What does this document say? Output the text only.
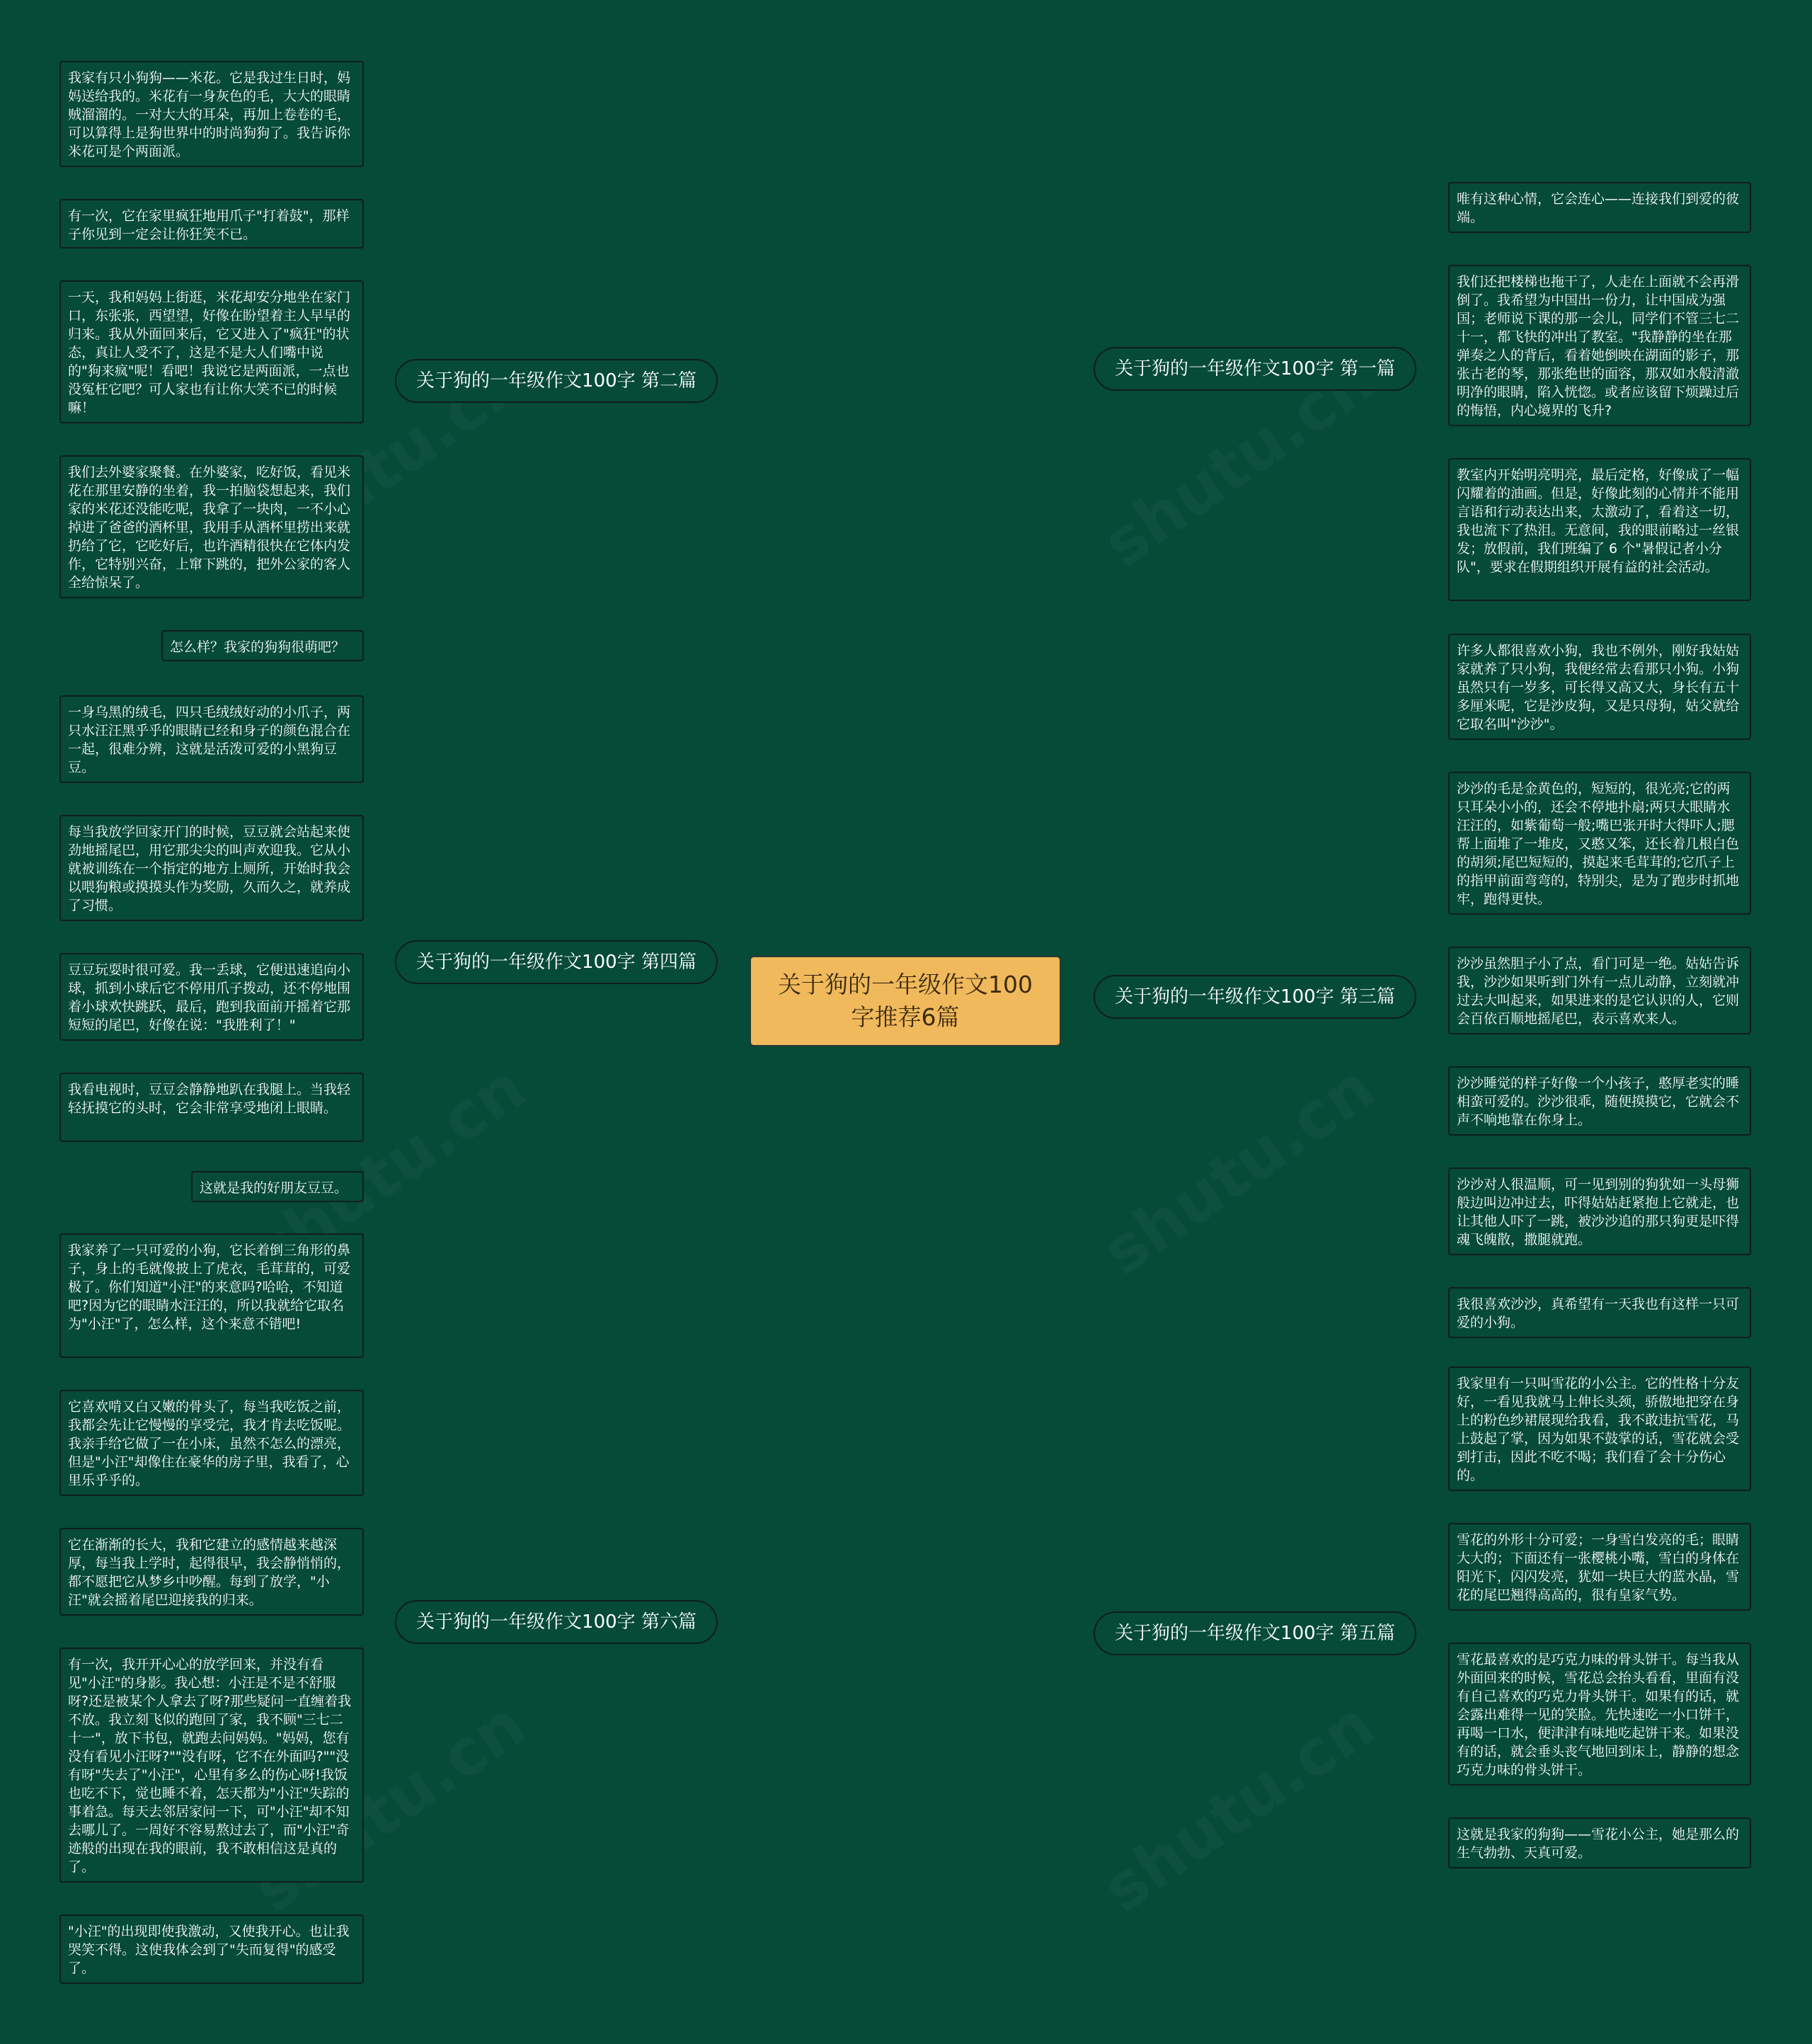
关于狗的一年级作文100字推荐6篇
关于狗的一年级作文100字 第二篇
我家有只小狗狗——米花。它是我过生日时，妈妈送给我的。米花有一身灰色的毛，大大的眼睛贼溜溜的。一对大大的耳朵，再加上卷卷的毛，可以算得上是狗世界中的时尚狗狗了。我告诉你米花可是个两面派。
有一次，它在家里疯狂地用爪子"打着鼓"，那样子你见到一定会让你狂笑不已。
一天，我和妈妈上街逛，米花却安分地坐在家门口，东张张，西望望，好像在盼望着主人早早的归来。我从外面回来后，它又进入了"疯狂"的状态，真让人受不了，这是不是大人们嘴中说的"狗来疯"呢！看吧！我说它是两面派，一点也没冤枉它吧？可人家也有让你大笑不已的时候嘛！
我们去外婆家聚餐。在外婆家，吃好饭，看见米花在那里安静的坐着，我一拍脑袋想起来，我们家的米花还没能吃呢，我拿了一块肉，一不小心掉进了爸爸的酒杯里，我用手从酒杯里捞出来就扔给了它，它吃好后，也许酒精很快在它体内发作，它特别兴奋，上窜下跳的，把外公家的客人全给惊呆了。
怎么样？我家的狗狗很萌吧？
关于狗的一年级作文100字 第四篇
一身乌黑的绒毛，四只毛绒绒好动的小爪子，两只水汪汪黑乎乎的眼睛已经和身子的颜色混合在一起，很难分辨，这就是活泼可爱的小黑狗豆豆。
每当我放学回家开门的时候，豆豆就会站起来使劲地摇尾巴，用它那尖尖的叫声欢迎我。它从小就被训练在一个指定的地方上厕所，开始时我会以喂狗粮或摸摸头作为奖励，久而久之，就养成了习惯。
豆豆玩耍时很可爱。我一丢球，它便迅速追向小球，抓到小球后它不停用爪子拨动，还不停地围着小球欢快跳跃，最后，跑到我面前开摇着它那短短的尾巴，好像在说："我胜利了！"
我看电视时，豆豆会静静地趴在我腿上。当我轻轻抚摸它的头时，它会非常享受地闭上眼睛。
这就是我的好朋友豆豆。
关于狗的一年级作文100字 第六篇
我家养了一只可爱的小狗，它长着倒三角形的鼻子，身上的毛就像披上了虎衣，毛茸茸的，可爱极了。你们知道"小汪"的来意吗?哈哈，不知道吧?因为它的眼睛水汪汪的，所以我就给它取名为"小汪"了，怎么样，这个来意不错吧!
它喜欢啃又白又嫩的骨头了，每当我吃饭之前，我都会先让它慢慢的享受完，我才肯去吃饭呢。我亲手给它做了一在小床，虽然不怎么的漂亮，但是"小汪"却像住在豪华的房子里，我看了，心里乐乎乎的。
它在渐渐的长大，我和它建立的感情越来越深厚，每当我上学时，起得很早，我会静悄悄的，都不愿把它从梦乡中吵醒。每到了放学，"小汪"就会摇着尾巴迎接我的归来。
有一次，我开开心心的放学回来，并没有看见"小汪"的身影。我心想：小汪是不是不舒服呀?还是被某个人拿去了呀?那些疑问一直缠着我不放。我立刻飞似的跑回了家，我不顾"三七二十一"，放下书包，就跑去问妈妈。"妈妈，您有没有看见小汪呀?""没有呀，它不在外面吗?""没有呀"失去了"小汪"，心里有多么的伤心呀!我饭也吃不下，觉也睡不着，怎天都为"小汪"失踪的事着急。每天去邻居家问一下，可"小汪"却不知去哪儿了。一周好不容易熬过去了，而"小汪"奇迹般的出现在我的眼前，我不敢相信这是真的了。
"小汪"的出现即使我激动，又使我开心。也让我哭笑不得。这使我体会到了"失而复得"的感受了。
关于狗的一年级作文100字 第一篇
唯有这种心情，它会连心——连接我们到爱的彼端。
我们还把楼梯也拖干了，人走在上面就不会再滑倒了。我希望为中国出一份力，让中国成为强国；老师说下课的那一会儿，同学们不管三七二十一，都飞快的冲出了教室。"我静静的坐在那弹奏之人的背后，看着她倒映在湖面的影子，那张古老的琴，那张绝世的面容，那双如水般清澈明净的眼睛，陷入恍惚。或者应该留下烦躁过后的悔悟，内心境界的飞升?
教室内开始明亮明亮，最后定格，好像成了一幅闪耀着的油画。但是，好像此刻的心情并不能用言语和行动表达出来，太激动了，看着这一切，我也流下了热泪。无意间，我的眼前略过一丝银发；放假前，我们班编了 6 个"暑假记者小分队"，要求在假期组织开展有益的社会活动。
关于狗的一年级作文100字 第三篇
许多人都很喜欢小狗，我也不例外，刚好我姑姑家就养了只小狗，我便经常去看那只小狗。小狗虽然只有一岁多，可长得又高又大，身长有五十多厘米呢，它是沙皮狗，又是只母狗，姑父就给它取名叫"沙沙"。
沙沙的毛是金黄色的，短短的，很光亮;它的两只耳朵小小的，还会不停地扑扇;两只大眼睛水汪汪的，如紫葡萄一般;嘴巴张开时大得吓人;腮帮上面堆了一堆皮，又憨又笨，还长着几根白色的胡须;尾巴短短的，摸起来毛茸茸的;它爪子上的指甲前面弯弯的，特别尖，是为了跑步时抓地牢，跑得更快。
沙沙虽然胆子小了点，看门可是一绝。姑姑告诉我，沙沙如果听到门外有一点儿动静，立刻就冲过去大叫起来，如果进来的是它认识的人，它则会百依百顺地摇尾巴，表示喜欢来人。
沙沙睡觉的样子好像一个小孩子，憨厚老实的睡相蛮可爱的。沙沙很乖，随便摸摸它，它就会不声不响地靠在你身上。
沙沙对人很温顺，可一见到别的狗犹如一头母狮般边叫边冲过去，吓得姑姑赶紧抱上它就走，也让其他人吓了一跳，被沙沙追的那只狗更是吓得魂飞魄散，撒腿就跑。
我很喜欢沙沙，真希望有一天我也有这样一只可爱的小狗。
关于狗的一年级作文100字 第五篇
我家里有一只叫雪花的小公主。它的性格十分友好，一看见我就马上伸长头颈，骄傲地把穿在身上的粉色纱裙展现给我看，我不敢违抗雪花，马上鼓起了掌，因为如果不鼓掌的话，雪花就会受到打击，因此不吃不喝；我们看了会十分伤心的。
雪花的外形十分可爱；一身雪白发亮的毛；眼睛大大的；下面还有一张樱桃小嘴，雪白的身体在阳光下，闪闪发亮，犹如一块巨大的蓝水晶，雪花的尾巴翘得高高的，很有皇家气势。
雪花最喜欢的是巧克力味的骨头饼干。每当我从外面回来的时候，雪花总会抬头看看，里面有没有自己喜欢的巧克力骨头饼干。如果有的话，就会露出难得一见的笑脸。先快速吃一小口饼干，再喝一口水，便津津有味地吃起饼干来。如果没有的话，就会垂头丧气地回到床上，静静的想念巧克力味的骨头饼干。
这就是我家的狗狗——雪花小公主，她是那么的生气勃勃、天真可爱。
